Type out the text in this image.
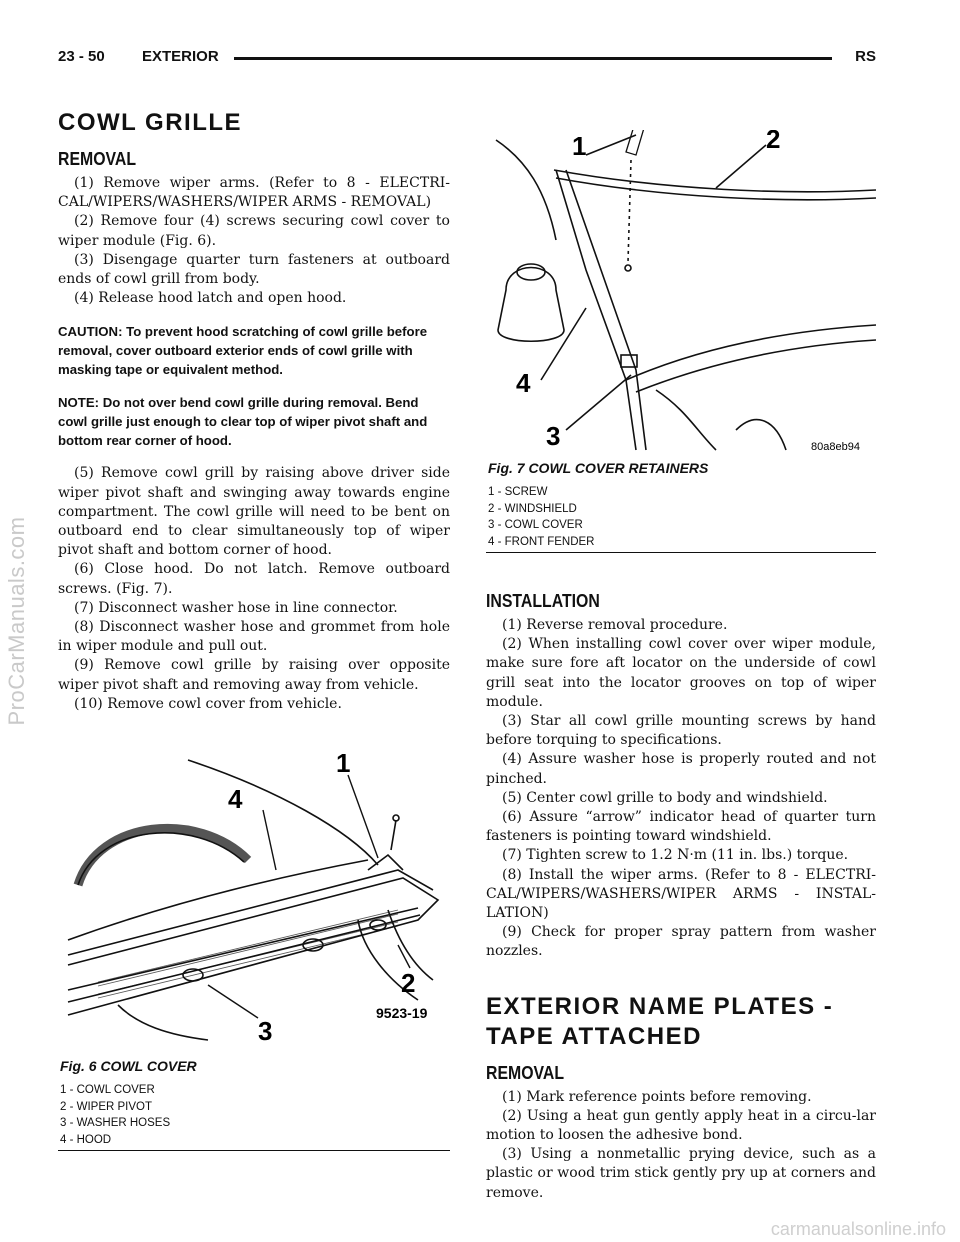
ProCarManuals.com
carmanualsonline.info
23 - 50 EXTERIOR	RS
COWL GRILLE
REMOVAL

(1) Remove wiper arms. (Refer to 8 - ELECTRI-CAL/WIPERS/WASHERS/WIPER ARMS - REMOVAL)

(2) Remove four (4) screws securing cowl cover to wiper module (Fig. 6).

(3) Disengage quarter turn fasteners at outboard ends of cowl grill from body.

(4) Release hood latch and open hood.

CAUTION: To prevent hood scratching of cowl grille before removal, cover outboard exterior ends of cowl grille with masking tape or equivalent method.

NOTE: Do not over bend cowl grille during removal. Bend cowl grille just enough to clear top of wiper pivot shaft and bottom rear corner of hood.

(5) Remove cowl grill by raising above driver side wiper pivot shaft and swinging away towards engine compartment. The cowl grille will need to be bent on outboard end to clear simultaneously top of wiper pivot shaft and bottom corner of hood.

(6) Close hood. Do not latch. Remove outboard screws. (Fig. 7).

(7) Disconnect washer hose in line connector.

(8) Disconnect washer hose and grommet from hole in wiper module and pull out.

(9) Remove cowl grille by raising over opposite wiper pivot shaft and removing away from vehicle.

(10) Remove cowl cover from vehicle.

1
4
2
3
9523-19
Fig. 6 COWL COVER
1 - COWL COVER
2 - WIPER PIVOT
3 - WASHER HOSES
4 - HOOD
1	2
4
3	80a8eb94
Fig. 7 COWL COVER RETAINERS
1 - SCREW
2 - WINDSHIELD
3 - COWL COVER
4 - FRONT FENDER
INSTALLATION

(1) Reverse removal procedure.

(2) When installing cowl cover over wiper module, make sure fore aft locator on the underside of cowl grill seat into the locator grooves on top of wiper module.

(3) Star all cowl grille mounting screws by hand before torquing to specifications.

(4) Assure washer hose is properly routed and not pinched.

(5) Center cowl grille to body and windshield.

(6) Assure “arrow” indicator head of quarter turn fasteners is pointing toward windshield.

(7) Tighten screw to 1.2 N·m (11 in. lbs.) torque.

(8) Install the wiper arms. (Refer to 8 - ELECTRI-CAL/WIPERS/WASHERS/WIPER ARMS - INSTAL-LATION)

(9) Check for proper spray pattern from washer nozzles.

EXTERIOR NAME PLATES -
TAPE ATTACHED
REMOVAL

(1) Mark reference points before removing.

(2) Using a heat gun gently apply heat in a circu-lar motion to loosen the adhesive bond.

(3) Using a nonmetallic prying device, such as a plastic or wood trim stick gently pry up at corners and remove.
